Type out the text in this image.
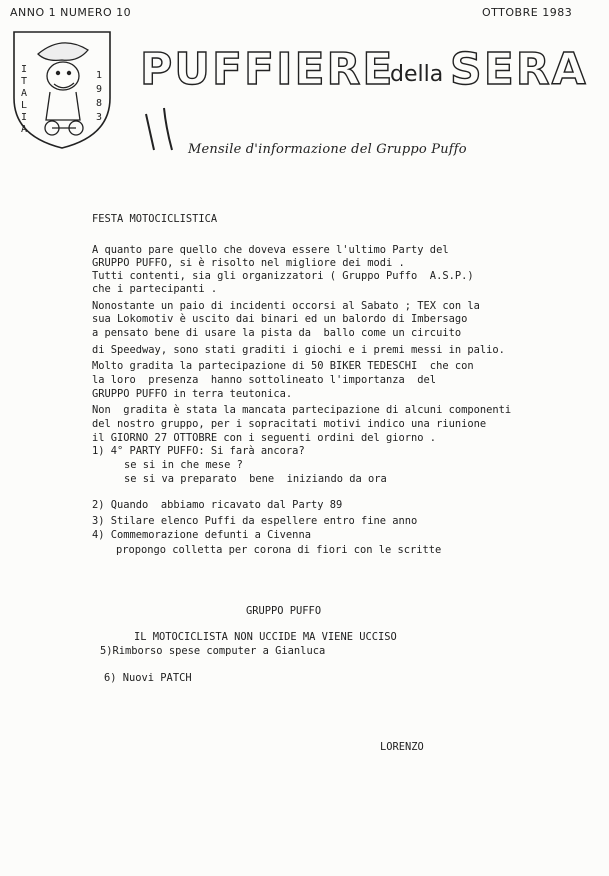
ANNO 1 NUMERO 10	OTTOBRE 1983
I
T
A
L
I
A
1
9
8
3
PUFFIERE
della SERA
Mensile d'informazione del Gruppo Puffo
FESTA MOTOCICLISTICA
A quanto pare quello che doveva essere l'ultimo Party del
GRUPPO PUFFO, si è risolto nel migliore dei modi .
Tutti contenti, sia gli organizzatori ( Gruppo Puffo  A.S.P.)
che i partecipanti .
Nonostante un paio di incidenti occorsi al Sabato ; TEX con la
sua Lokomotiv è uscito dai binari ed un balordo di Imbersago
a pensato bene di usare la pista da  ballo come un circuito
di Speedway, sono stati graditi i giochi e i premi messi in palio.
Molto gradita la partecipazione di 50 BIKER TEDESCHI  che con
la loro  presenza  hanno sottolineato l'importanza  del
GRUPPO PUFFO in terra teutonica.
Non  gradita è stata la mancata partecipazione di alcuni componenti
del nostro gruppo, per i sopracitati motivi indico una riunione
il GIORNO 27 OTTOBRE con i seguenti ordini del giorno .
1) 4° PARTY PUFFO: Si farà ancora?
se si in che mese ?
se si va preparato  bene  iniziando da ora
2) Quando  abbiamo ricavato dal Party 89
3) Stilare elenco Puffi da espellere entro fine anno
4) Commemorazione defunti a Civenna
propongo colletta per corona di fiori con le scritte
GRUPPO PUFFO
IL MOTOCICLISTA NON UCCIDE MA VIENE UCCISO
5)Rimborso spese computer a Gianluca
6) Nuovi PATCH
LORENZO
